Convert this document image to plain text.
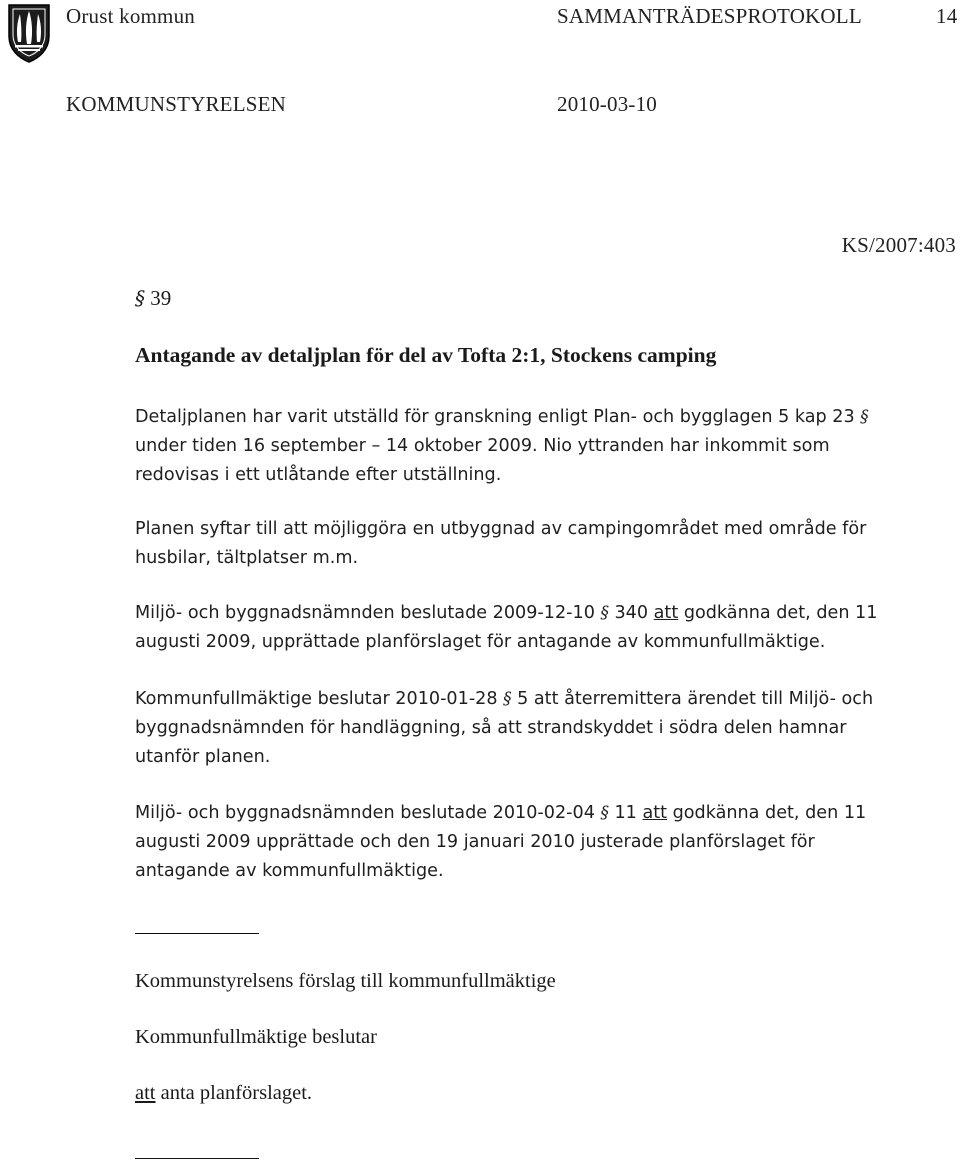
Orust kommun	SAMMANTRÄDESPROTOKOLL	14
KOMMUNSTYRELSEN	2010-03-10
KS/2007:403
§ 39
Antagande av detaljplan för del av Tofta 2:1, Stockens camping
Detaljplanen har varit utställd för granskning enligt Plan- och bygglagen 5 kap 23 §
under tiden 16 september – 14 oktober 2009. Nio yttranden har inkommit som
redovisas i ett utlåtande efter utställning.
Planen syftar till att möjliggöra en utbyggnad av campingområdet med område för
husbilar, tältplatser m.m.
Miljö- och byggnadsnämnden beslutade 2009-12-10 § 340 att godkänna det, den 11
augusti 2009, upprättade planförslaget för antagande av kommunfullmäktige.
Kommunfullmäktige beslutar 2010-01-28 § 5 att återremittera ärendet till Miljö- och
byggnadsnämnden för handläggning, så att strandskyddet i södra delen hamnar
utanför planen.
Miljö- och byggnadsnämnden beslutade 2010-02-04 § 11 att godkänna det, den 11
augusti 2009 upprättade och den 19 januari 2010 justerade planförslaget för
antagande av kommunfullmäktige.
Kommunstyrelsens förslag till kommunfullmäktige
Kommunfullmäktige beslutar
att anta planförslaget.
